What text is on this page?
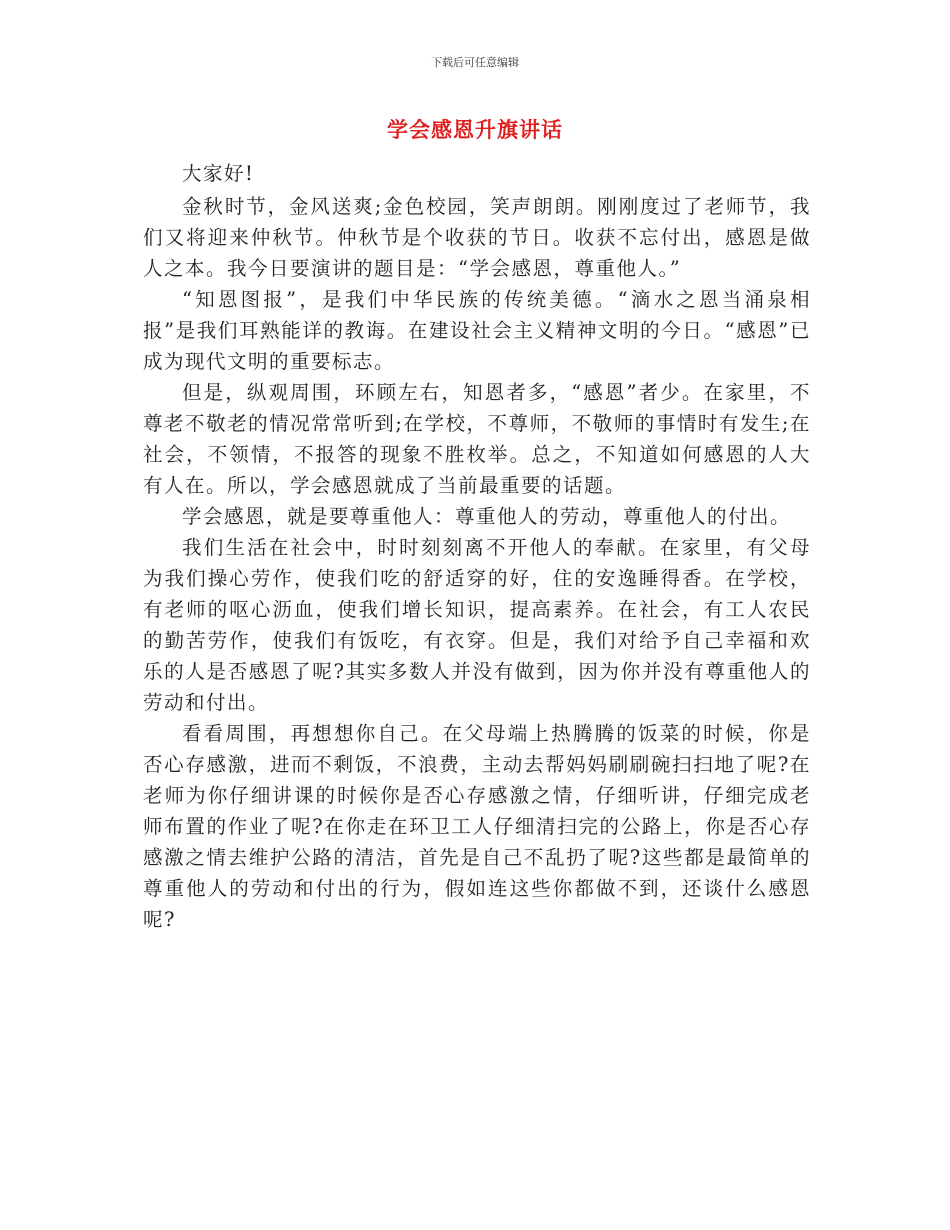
下载后可任意编辑
学会感恩升旗讲话

大家好!

金秋时节，金风送爽;金色校园，笑声朗朗。刚刚度过了老师节，我们又将迎来仲秋节。仲秋节是个收获的节日。收获不忘付出，感恩是做人之本。我今日要演讲的题目是：“学会感恩，尊重他人。”

“知恩图报”，是我们中华民族的传统美德。“滴水之恩当涌泉相报”是我们耳熟能详的教诲。在建设社会主义精神文明的今日。“感恩”已成为现代文明的重要标志。

但是，纵观周围，环顾左右，知恩者多，“感恩”者少。在家里，不尊老不敬老的情况常常听到;在学校，不尊师，不敬师的事情时有发生;在社会，不领情，不报答的现象不胜枚举。总之，不知道如何感恩的人大有人在。所以，学会感恩就成了当前最重要的话题。

学会感恩，就是要尊重他人：尊重他人的劳动，尊重他人的付出。

我们生活在社会中，时时刻刻离不开他人的奉献。在家里，有父母为我们操心劳作，使我们吃的舒适穿的好，住的安逸睡得香。在学校，有老师的呕心沥血，使我们增长知识，提高素养。在社会，有工人农民的勤苦劳作，使我们有饭吃，有衣穿。但是，我们对给予自己幸福和欢乐的人是否感恩了呢?其实多数人并没有做到，因为你并没有尊重他人的劳动和付出。

看看周围，再想想你自己。在父母端上热腾腾的饭菜的时候，你是否心存感激，进而不剩饭，不浪费，主动去帮妈妈刷刷碗扫扫地了呢?在老师为你仔细讲课的时候你是否心存感激之情，仔细听讲，仔细完成老师布置的作业了呢?在你走在环卫工人仔细清扫完的公路上，你是否心存感激之情去维护公路的清洁，首先是自己不乱扔了呢?这些都是最简单的尊重他人的劳动和付出的行为，假如连这些你都做不到，还谈什么感恩呢?
